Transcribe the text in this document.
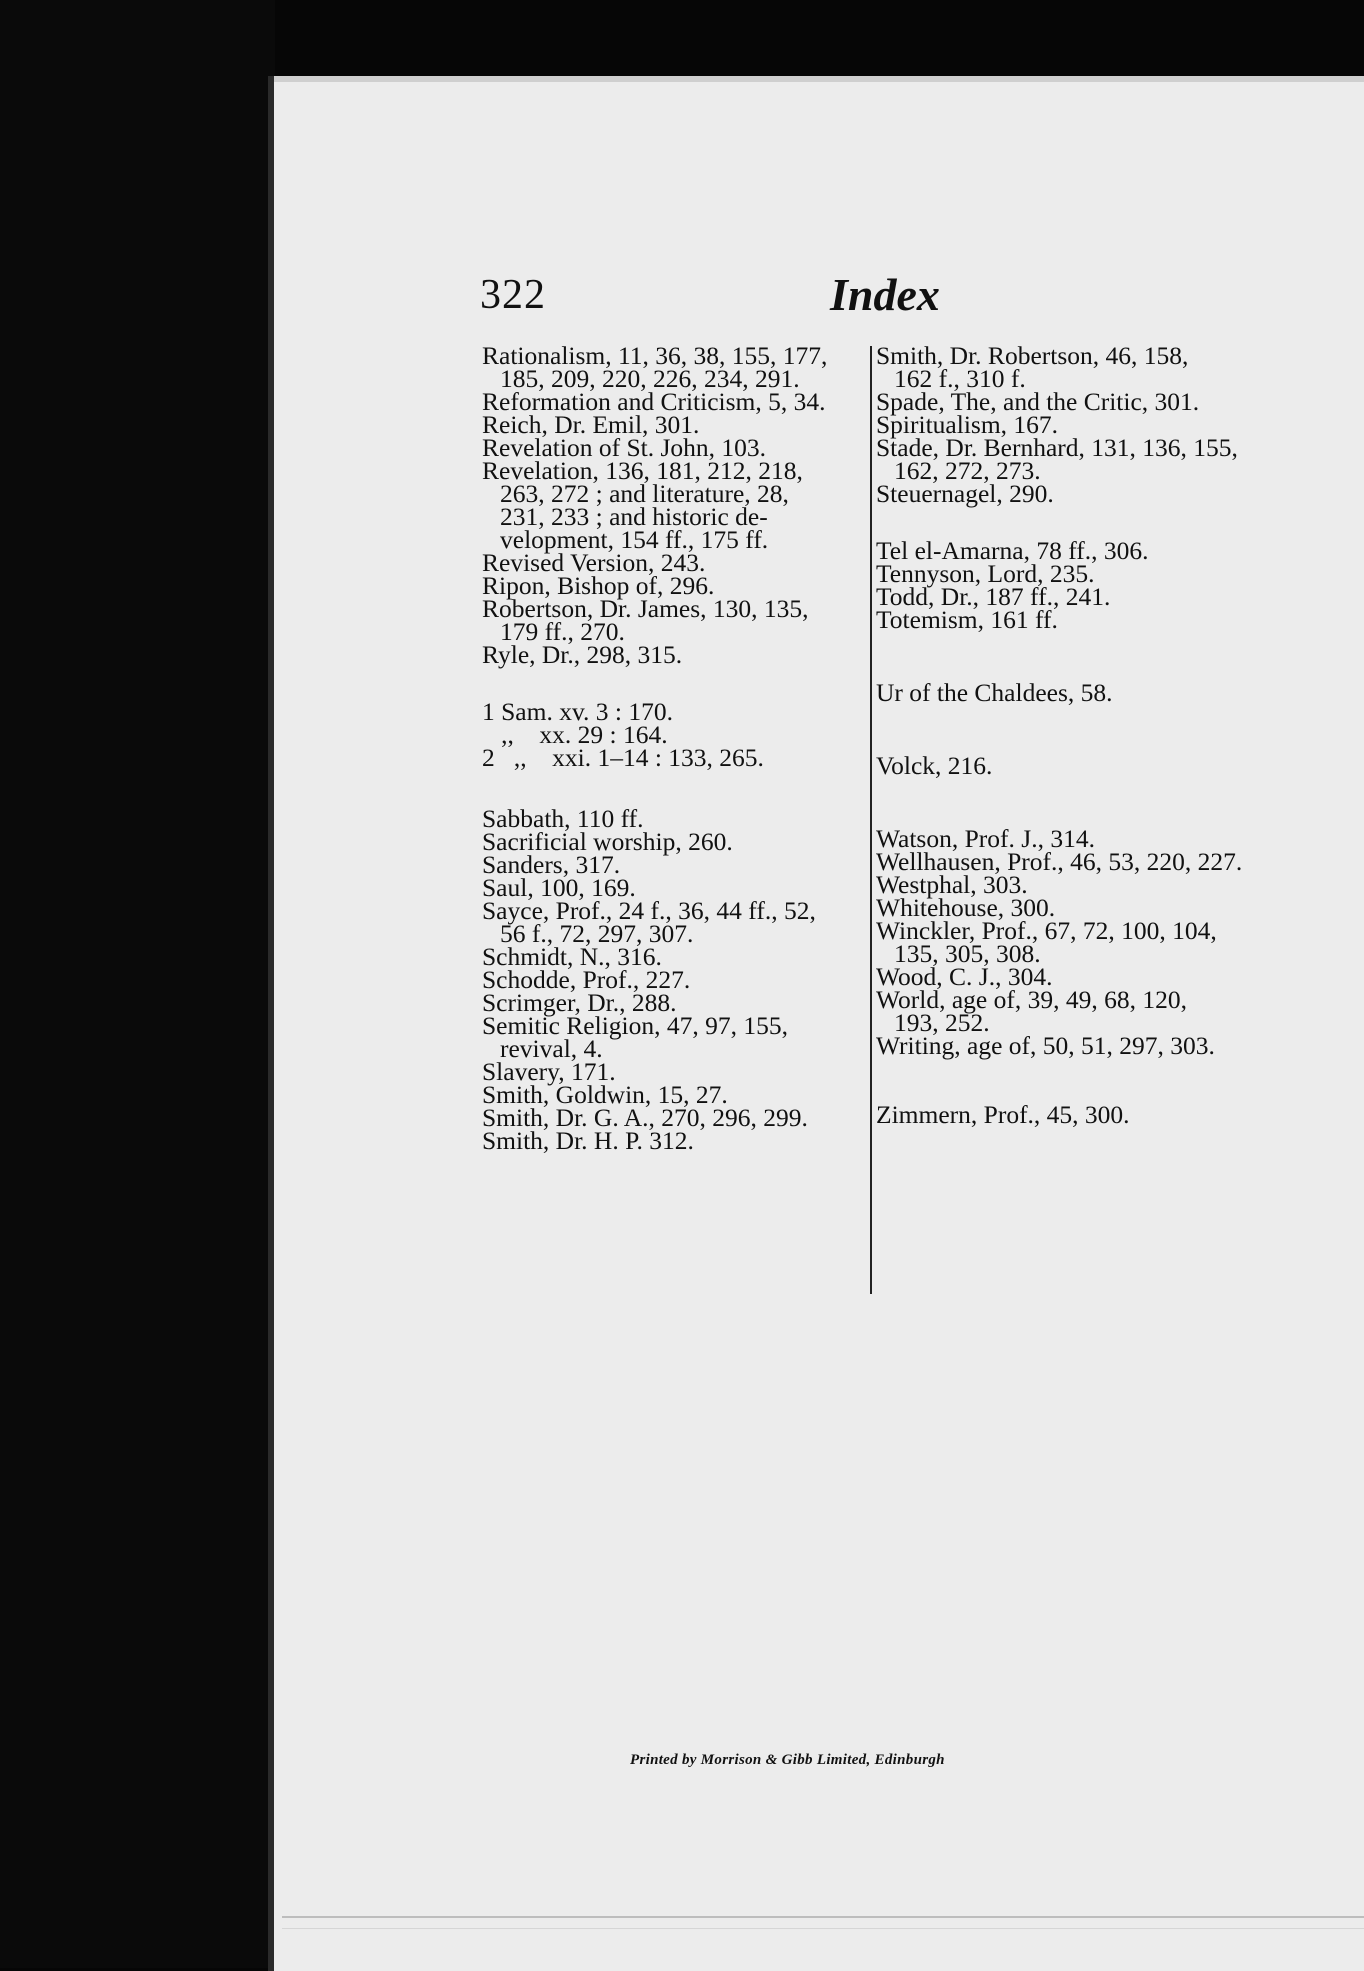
322	Index

Rationalism, 11, 36, 38, 155, 177,

185, 209, 220, 226, 234, 291.

Reformation and Criticism, 5, 34.

Reich, Dr. Emil, 301.

Revelation of St. John, 103.

Revelation, 136, 181, 212, 218,

263, 272 ; and literature, 28,

231, 233 ; and historic de-

velopment, 154 ff., 175 ff.

Revised Version, 243.

Ripon, Bishop of, 296.

Robertson, Dr. James, 130, 135,

179 ff., 270.

Ryle, Dr., 298, 315.

1 Sam. xv. 3 : 170.

,,    xx. 29 : 164.

2   ,,    xxi. 1–14 : 133, 265.

Sabbath, 110 ff.

Sacrificial worship, 260.

Sanders, 317.

Saul, 100, 169.

Sayce, Prof., 24 f., 36, 44 ff., 52,

56 f., 72, 297, 307.

Schmidt, N., 316.

Schodde, Prof., 227.

Scrimger, Dr., 288.

Semitic Religion, 47, 97, 155,

revival, 4.

Slavery, 171.

Smith, Goldwin, 15, 27.

Smith, Dr. G. A., 270, 296, 299.

Smith, Dr. H. P. 312.

Smith, Dr. Robertson, 46, 158,

162 f., 310 f.

Spade, The, and the Critic, 301.

Spiritualism, 167.

Stade, Dr. Bernhard, 131, 136, 155,

162, 272, 273.

Steuernagel, 290.

Tel el-Amarna, 78 ff., 306.

Tennyson, Lord, 235.

Todd, Dr., 187 ff., 241.

Totemism, 161 ff.

Ur of the Chaldees, 58.

Volck, 216.

Watson, Prof. J., 314.

Wellhausen, Prof., 46, 53, 220, 227.

Westphal, 303.

Whitehouse, 300.

Winckler, Prof., 67, 72, 100, 104,

135, 305, 308.

Wood, C. J., 304.

World, age of, 39, 49, 68, 120,

193, 252.

Writing, age of, 50, 51, 297, 303.

Zimmern, Prof., 45, 300.

Printed by Morrison & Gibb Limited, Edinburgh
